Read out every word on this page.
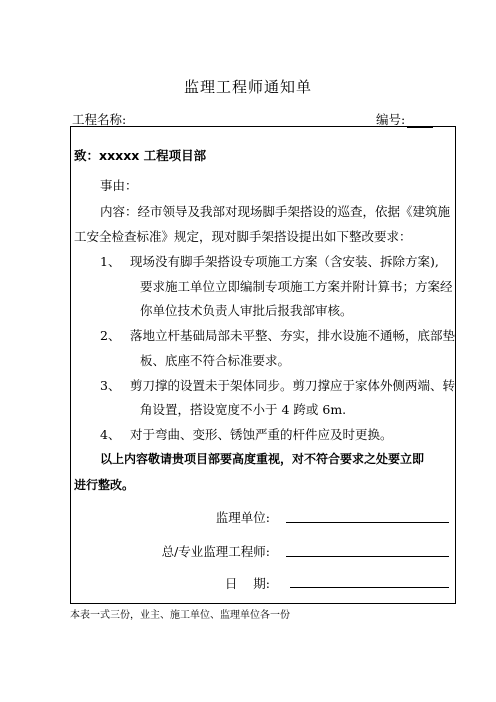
监理工程师通知单
工程名称:	编号:
致：xxxxx 工程项目部
事由：
内容：经市领导及我部对现场脚手架搭设的巡查，依据《建筑施
工安全检查标准》规定，现对脚手架搭设提出如下整改要求：
1、 现场没有脚手架搭设专项施工方案（含安装、拆除方案),
要求施工单位立即编制专项施工方案并附计算书；方案经
你单位技术负责人审批后报我部审核。
2、 落地立杆基础局部未平整、夯实，排水设施不通畅，底部垫
板、底座不符合标准要求。
3、 剪刀撑的设置未于架体同步。剪刀撑应于家体外侧两端、转
角设置，搭设宽度不小于 4 跨或 6m.
4、 对于弯曲、变形、锈蚀严重的杆件应及时更换。
以上内容敬请贵项目部要高度重视，对不符合要求之处要立即
进行整改。
监理单位:
总/专业监理工程师:
日    期:
本表一式三份，业主、施工单位、监理单位各一份
